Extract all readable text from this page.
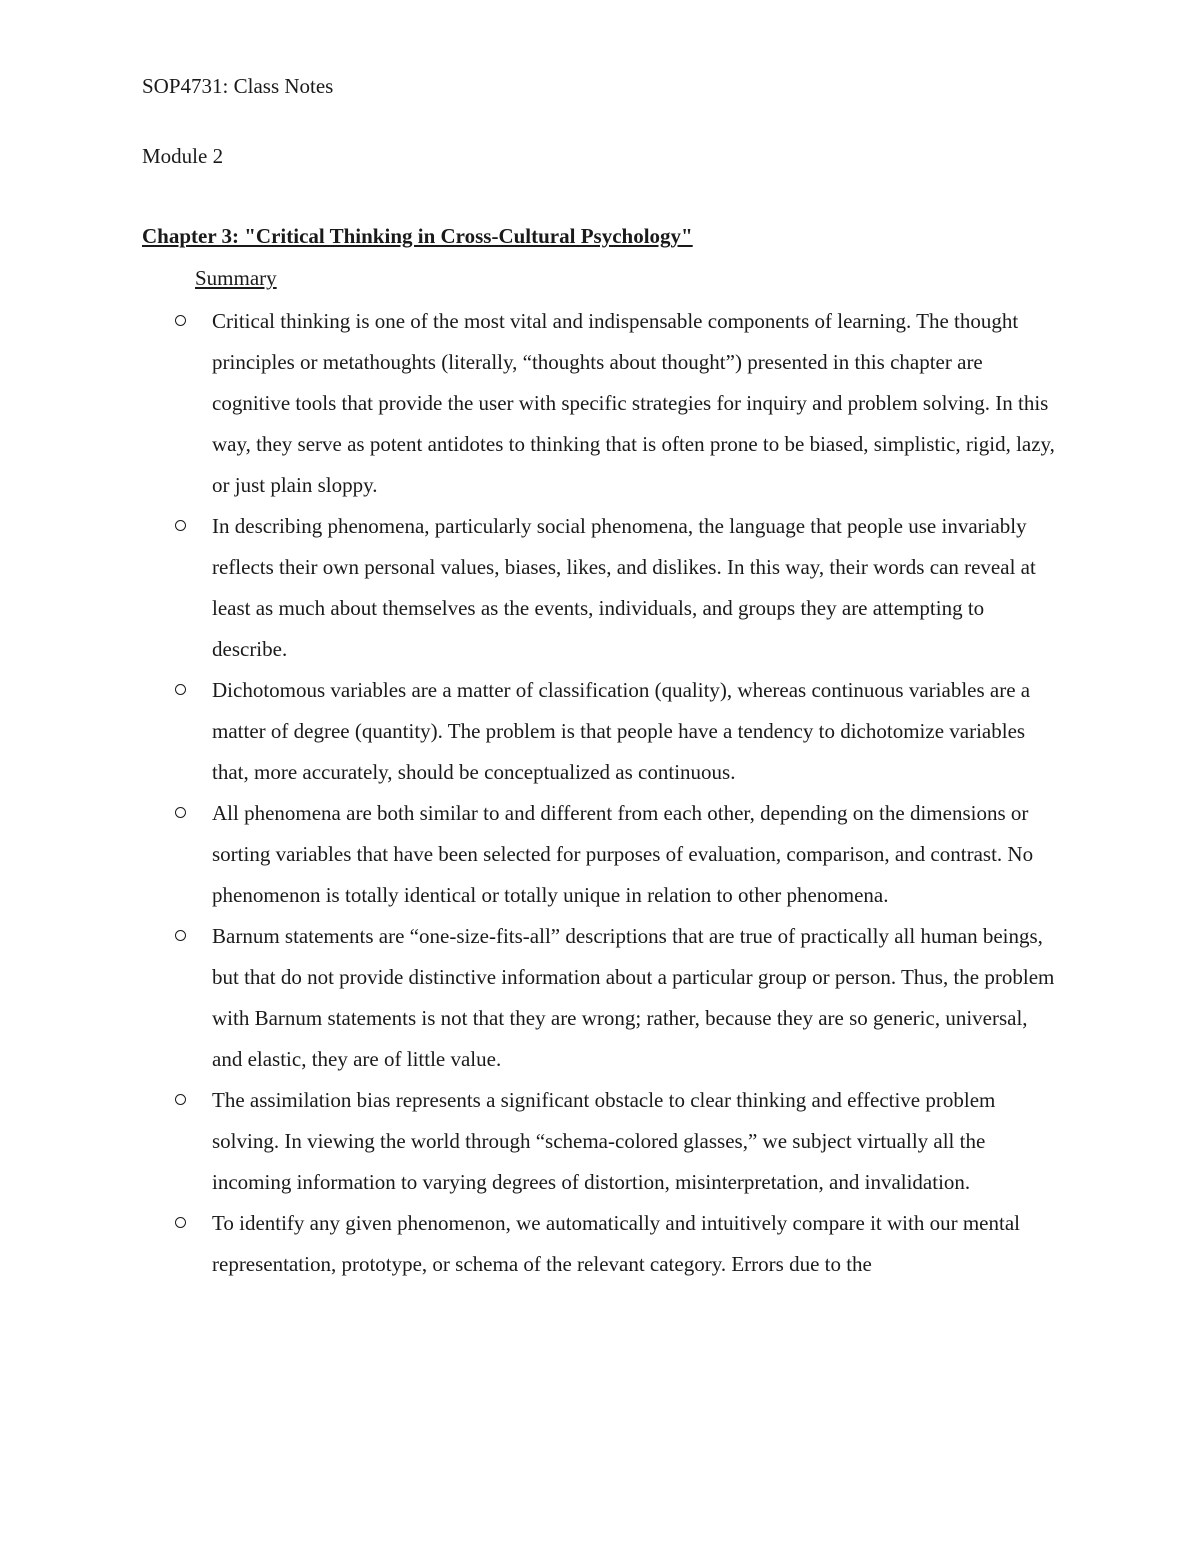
SOP4731: Class Notes
Module 2
Chapter 3: "Critical Thinking in Cross-Cultural Psychology"
Summary
Critical thinking is one of the most vital and indispensable components of learning. The thought principles or metathoughts (literally, “thoughts about thought”) presented in this chapter are cognitive tools that provide the user with specific strategies for inquiry and problem solving. In this way, they serve as potent antidotes to thinking that is often prone to be biased, simplistic, rigid, lazy, or just plain sloppy.
In describing phenomena, particularly social phenomena, the language that people use invariably reflects their own personal values, biases, likes, and dislikes. In this way, their words can reveal at least as much about themselves as the events, individuals, and groups they are attempting to describe.
Dichotomous variables are a matter of classification (quality), whereas continuous variables are a matter of degree (quantity). The problem is that people have a tendency to dichotomize variables that, more accurately, should be conceptualized as continuous.
All phenomena are both similar to and different from each other, depending on the dimensions or sorting variables that have been selected for purposes of evaluation, comparison, and contrast. No phenomenon is totally identical or totally unique in relation to other phenomena.
Barnum statements are “one-size-fits-all” descriptions that are true of practically all human beings, but that do not provide distinctive information about a particular group or person. Thus, the problem with Barnum statements is not that they are wrong; rather, because they are so generic, universal, and elastic, they are of little value.
The assimilation bias represents a significant obstacle to clear thinking and effective problem solving. In viewing the world through “schema-colored glasses,” we subject virtually all the incoming information to varying degrees of distortion, misinterpretation, and invalidation.
To identify any given phenomenon, we automatically and intuitively compare it with our mental representation, prototype, or schema of the relevant category. Errors due to the
